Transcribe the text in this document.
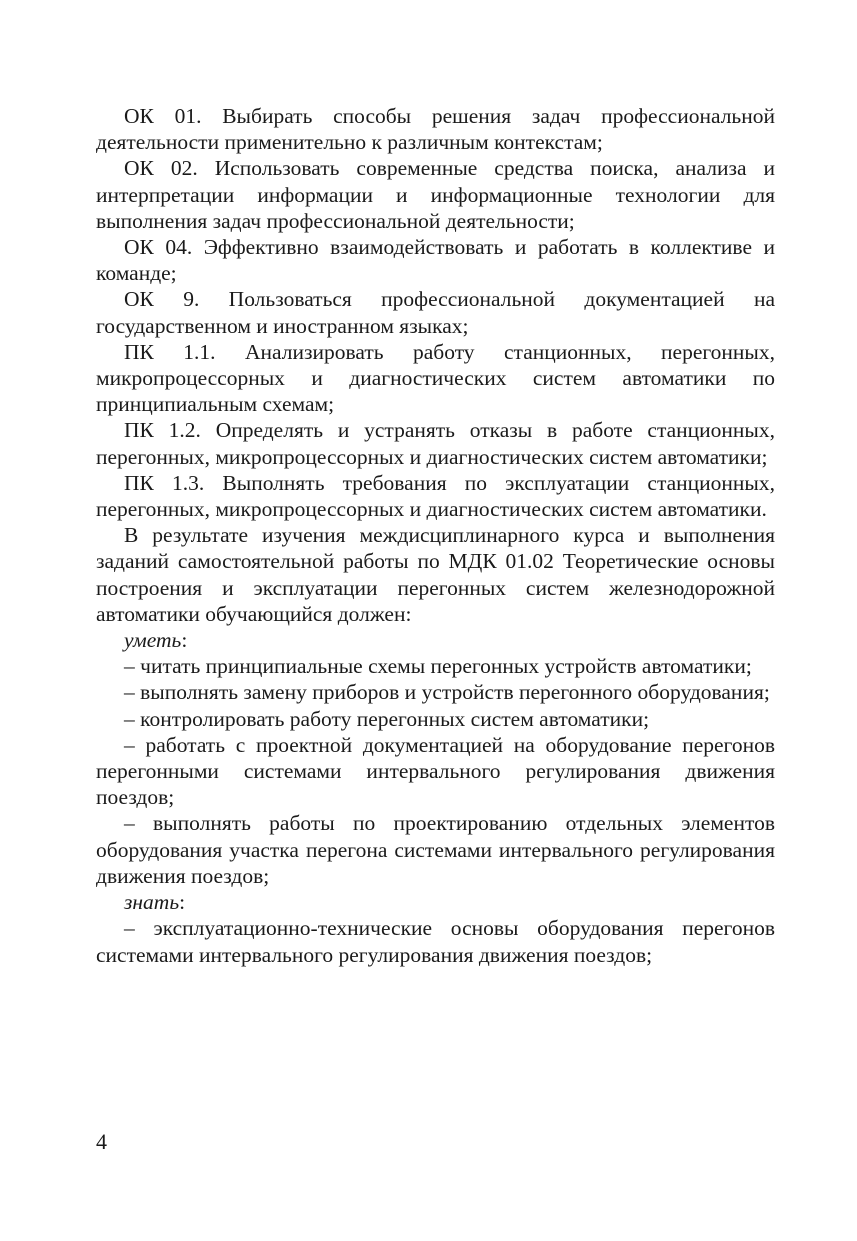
ОК 01. Выбирать способы решения задач профессиональной деятельности применительно к различным контекстам;

ОК 02. Использовать современные средства поиска, анализа и интерпретации информации и информационные технологии для выполнения задач профессиональной деятельности;

ОК 04. Эффективно взаимодействовать и работать в коллективе и команде;

ОК 9. Пользоваться профессиональной документацией на государственном и иностранном языках;

ПК 1.1. Анализировать работу станционных, перегонных, микропроцессорных и диагностических систем автоматики по принципиальным схемам;

ПК 1.2. Определять и устранять отказы в работе станционных, перегонных, микропроцессорных и диагностических систем автоматики;

ПК 1.3. Выполнять требования по эксплуатации станционных, перегонных, микропроцессорных и диагностических систем автоматики.

В результате изучения междисциплинарного курса и выполнения заданий самостоятельной работы по МДК 01.02 Теоретические основы построения и эксплуатации перегонных систем железнодорожной автоматики обучающийся должен:

уметь:

– читать принципиальные схемы перегонных устройств автоматики;

– выполнять замену приборов и устройств перегонного оборудования;

– контролировать работу перегонных систем автоматики;

– работать с проектной документацией на оборудование перегонов перегонными системами интервального регулирования движения поездов;

– выполнять работы по проектированию отдельных элементов оборудования участка перегона системами интервального регулирования движения поездов;

знать:

– эксплуатационно-технические основы оборудования перегонов системами интервального регулирования движения поездов;

4
